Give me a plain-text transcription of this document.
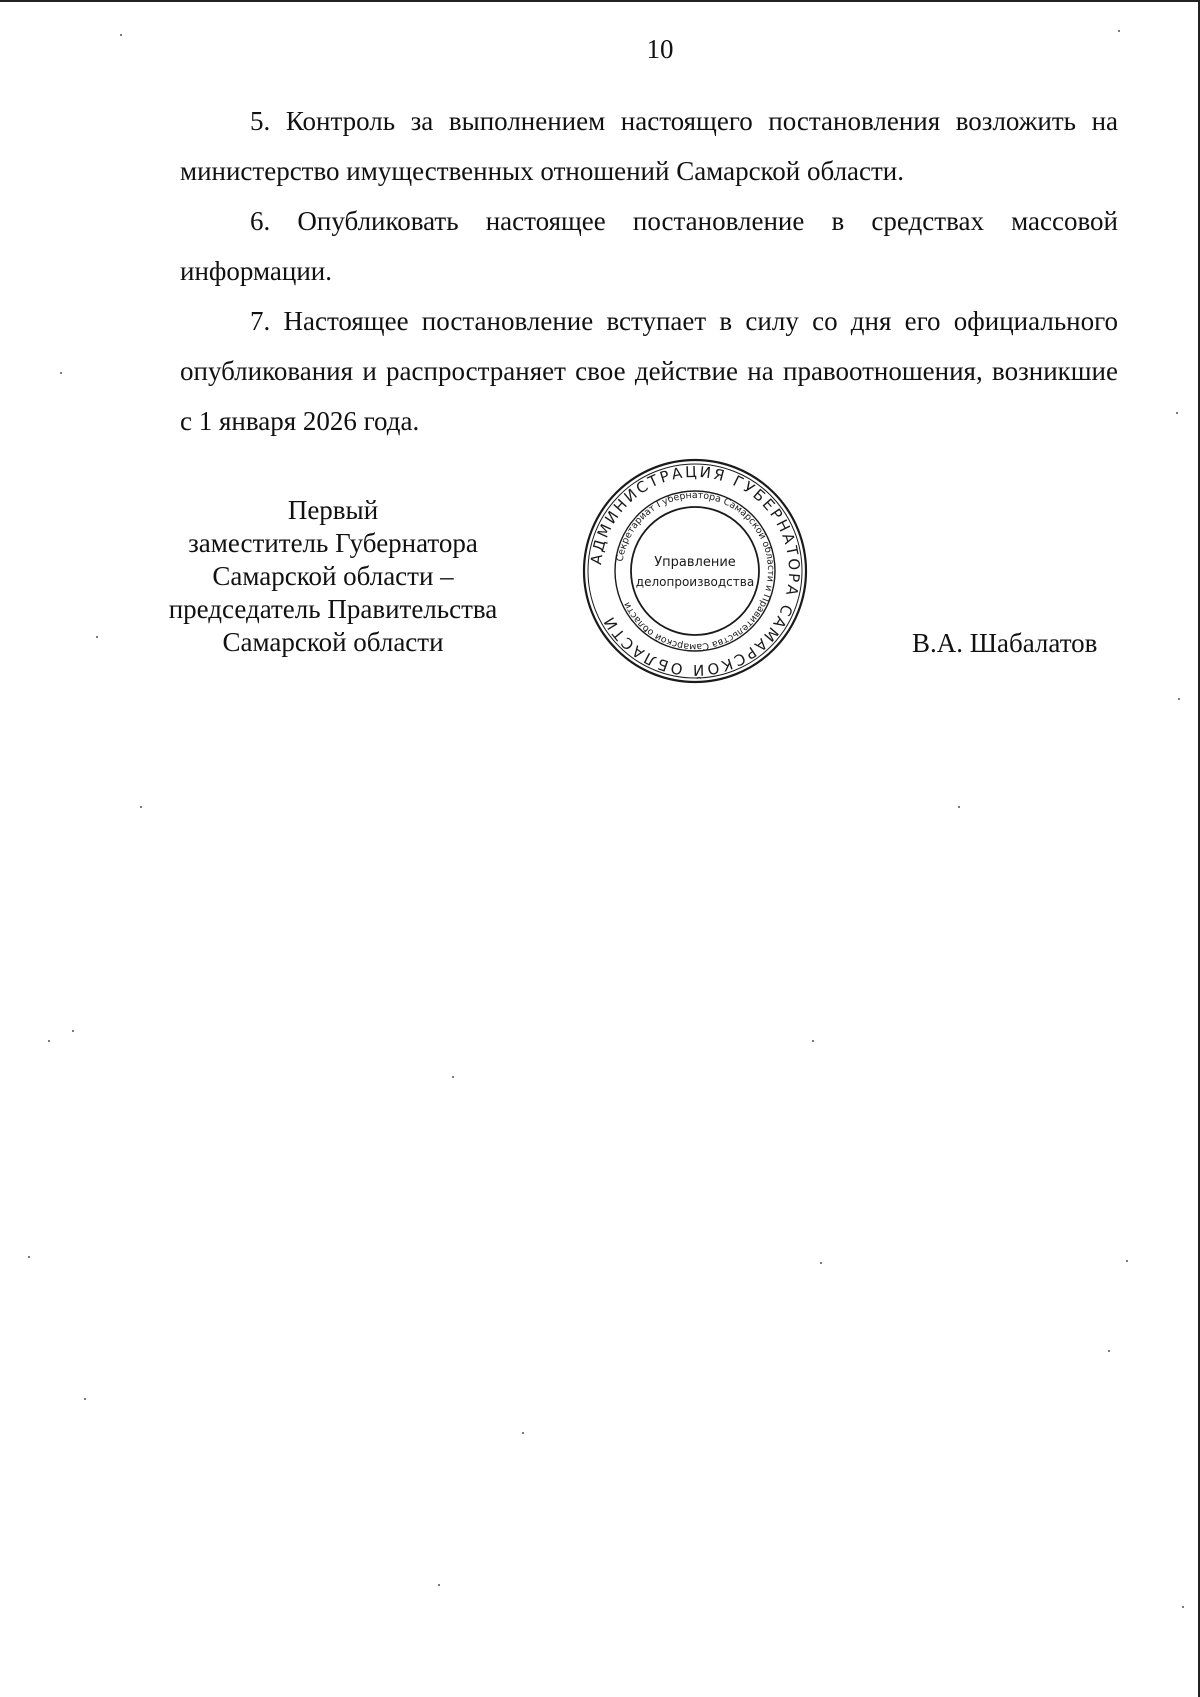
10

5. Контроль за выполнением настоящего постановления возложить на министерство имущественных отношений Самарской области.

6. Опубликовать настоящее постановление в средствах массовой информации.

7. Настоящее постановление вступает в силу со дня его официального опубликования и распространяет свое действие на правоотношения, возникшие с 1 января 2026 года.

Первый
заместитель Губернатора
Самарской области –
председатель Правительства
Самарской области
АДМИНИСТРАЦИЯ ГУБЕРНАТОРА САМАРСКОЙ ОБЛАСТИ
Секретариат Губернатора Самарской области и Правительства Самарской области
Управление
делопроизводства
В.А. Шабалатов
